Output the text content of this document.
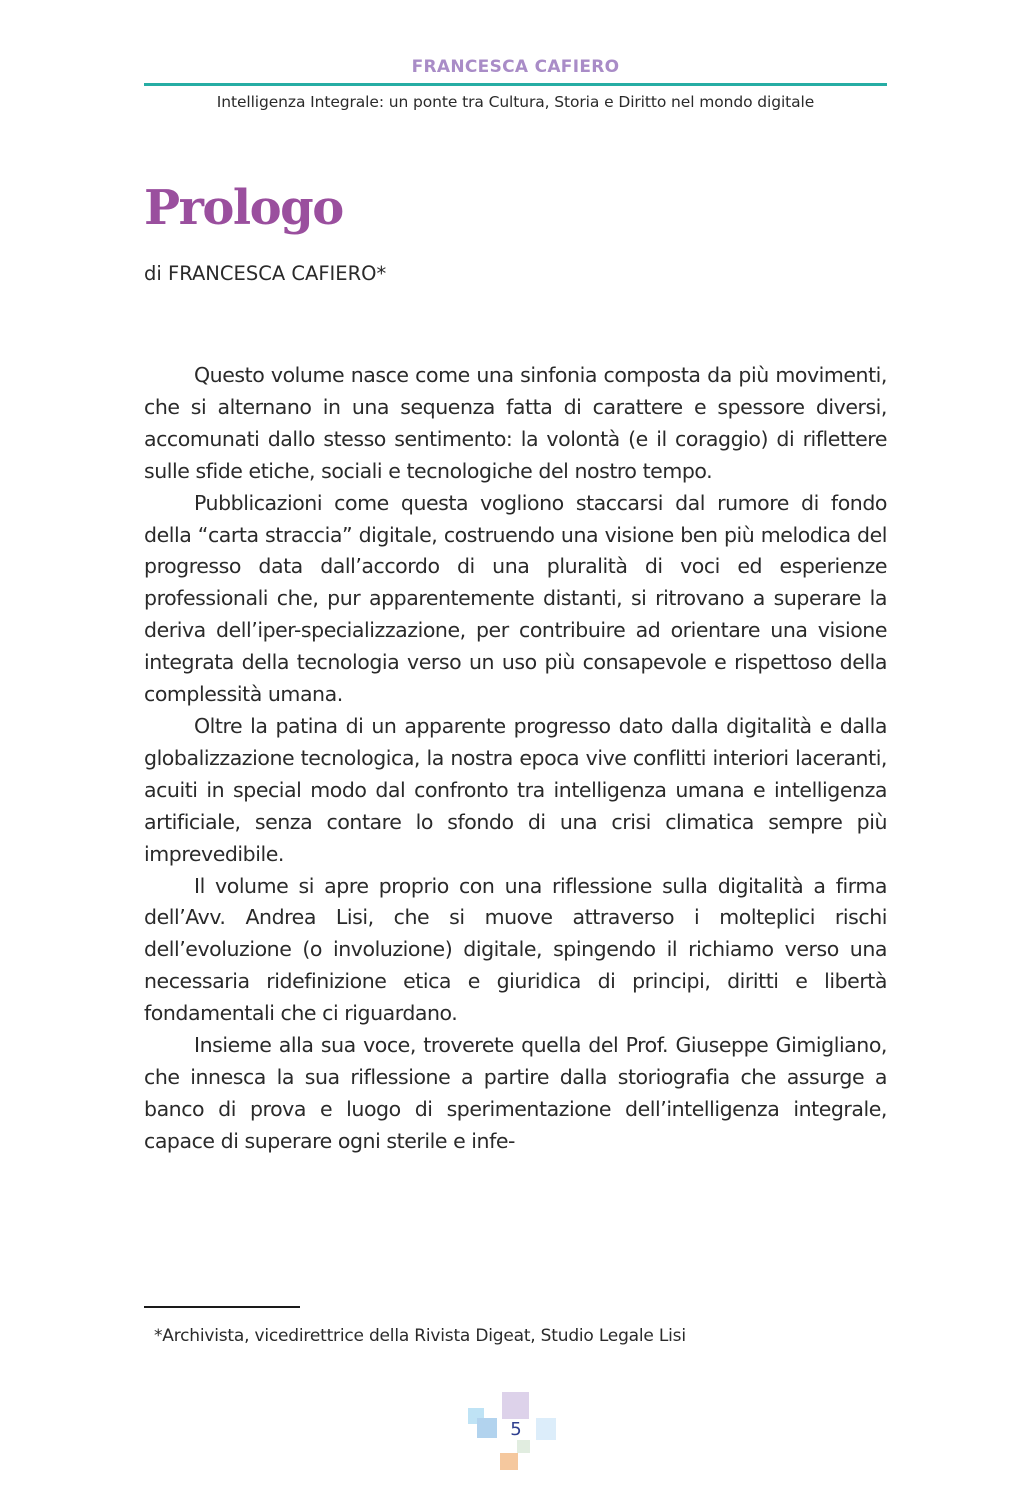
FRANCESCA CAFIERO
Intelligenza Integrale: un ponte tra Cultura, Storia e Diritto nel mondo digitale
Prologo
di FRANCESCA CAFIERO*

Questo volume nasce come una sinfonia composta da più movimenti, che si alternano in una sequenza fatta di carattere e spessore diversi, accomunati dallo stesso sentimento: la volontà (e il coraggio) di riflettere sulle sfide etiche, sociali e tecnologiche del nostro tempo.

Pubblicazioni come questa vogliono staccarsi dal rumore di fondo della “carta straccia” digitale, costruendo una visione ben più melodica del progresso data dall’accordo di una pluralità di voci ed esperienze professionali che, pur apparentemente distanti, si ritrovano a superare la deriva dell’iper-specializzazione, per contribuire ad orientare una visione integrata della tecnologia verso un uso più consapevole e rispettoso della complessità umana.

Oltre la patina di un apparente progresso dato dalla digitalità e dalla globalizzazione tecnologica, la nostra epoca vive conflitti interiori laceranti, acuiti in special modo dal confronto tra intelligenza umana e intelligenza artificiale, senza contare lo sfondo di una crisi climatica sempre più imprevedibile.

Il volume si apre proprio con una riflessione sulla digitalità a firma dell’Avv. Andrea Lisi, che si muove attraverso i molteplici rischi dell’evoluzione (o involuzione) digitale, spingendo il richiamo verso una necessaria ridefinizione etica e giuridica di principi, diritti e libertà fondamentali che ci riguardano.

Insieme alla sua voce, troverete quella del Prof. Giuseppe Gimigliano, che innesca la sua riflessione a partire dalla storiografia che assurge a banco di prova e luogo di sperimentazione dell’intelligenza integrale, capace di superare ogni sterile e infe-

*Archivista, vicedirettrice della Rivista Digeat, Studio Legale Lisi
5
